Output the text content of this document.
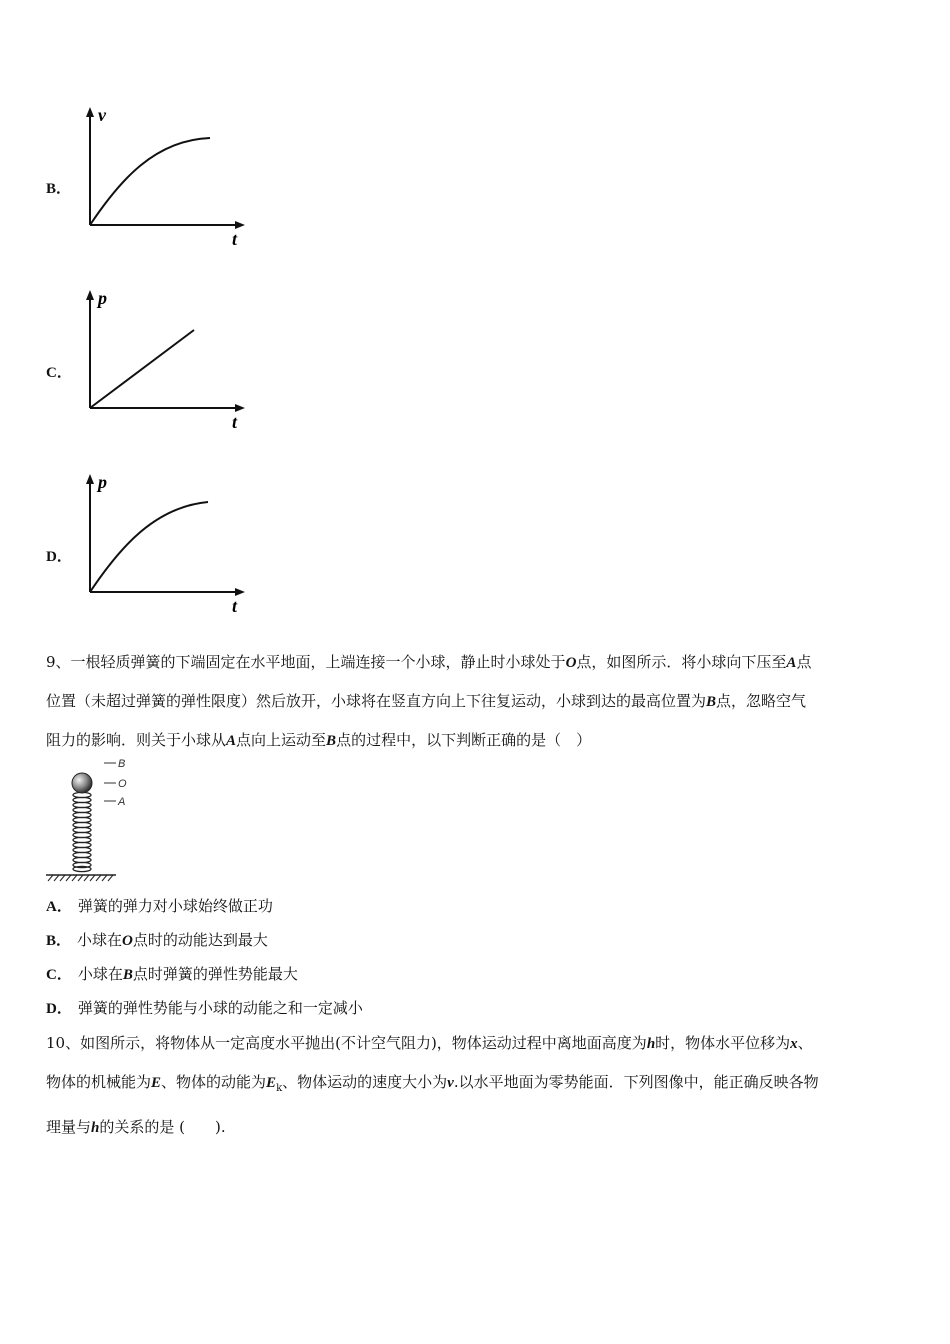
B．
v
t
C．
p
t
D．
p
t
9、一根轻质弹簧的下端固定在水平地面，上端连接一个小球，静止时小球处于O点，如图所示．将小球向下压至A点
位置（未超过弹簧的弹性限度）然后放开，小球将在竖直方向上下往复运动，小球到达的最高位置为B点，忽略空气
阻力的影响．则关于小球从A点向上运动至B点的过程中，以下判断正确的是（　）
B
O
A
A． 弹簧的弹力对小球始终做正功
B． 小球在O点时的动能达到最大
C． 小球在B点时弹簧的弹性势能最大
D． 弹簧的弹性势能与小球的动能之和一定减小
10、如图所示，将物体从一定高度水平抛出(不计空气阻力)，物体运动过程中离地面高度为h时，物体水平位移为x、
物体的机械能为E、物体的动能为$E_k$、物体运动的速度大小为v.以水平地面为零势能面．下列图像中，能正确反映各物
理量与h的关系的是 (　　).
